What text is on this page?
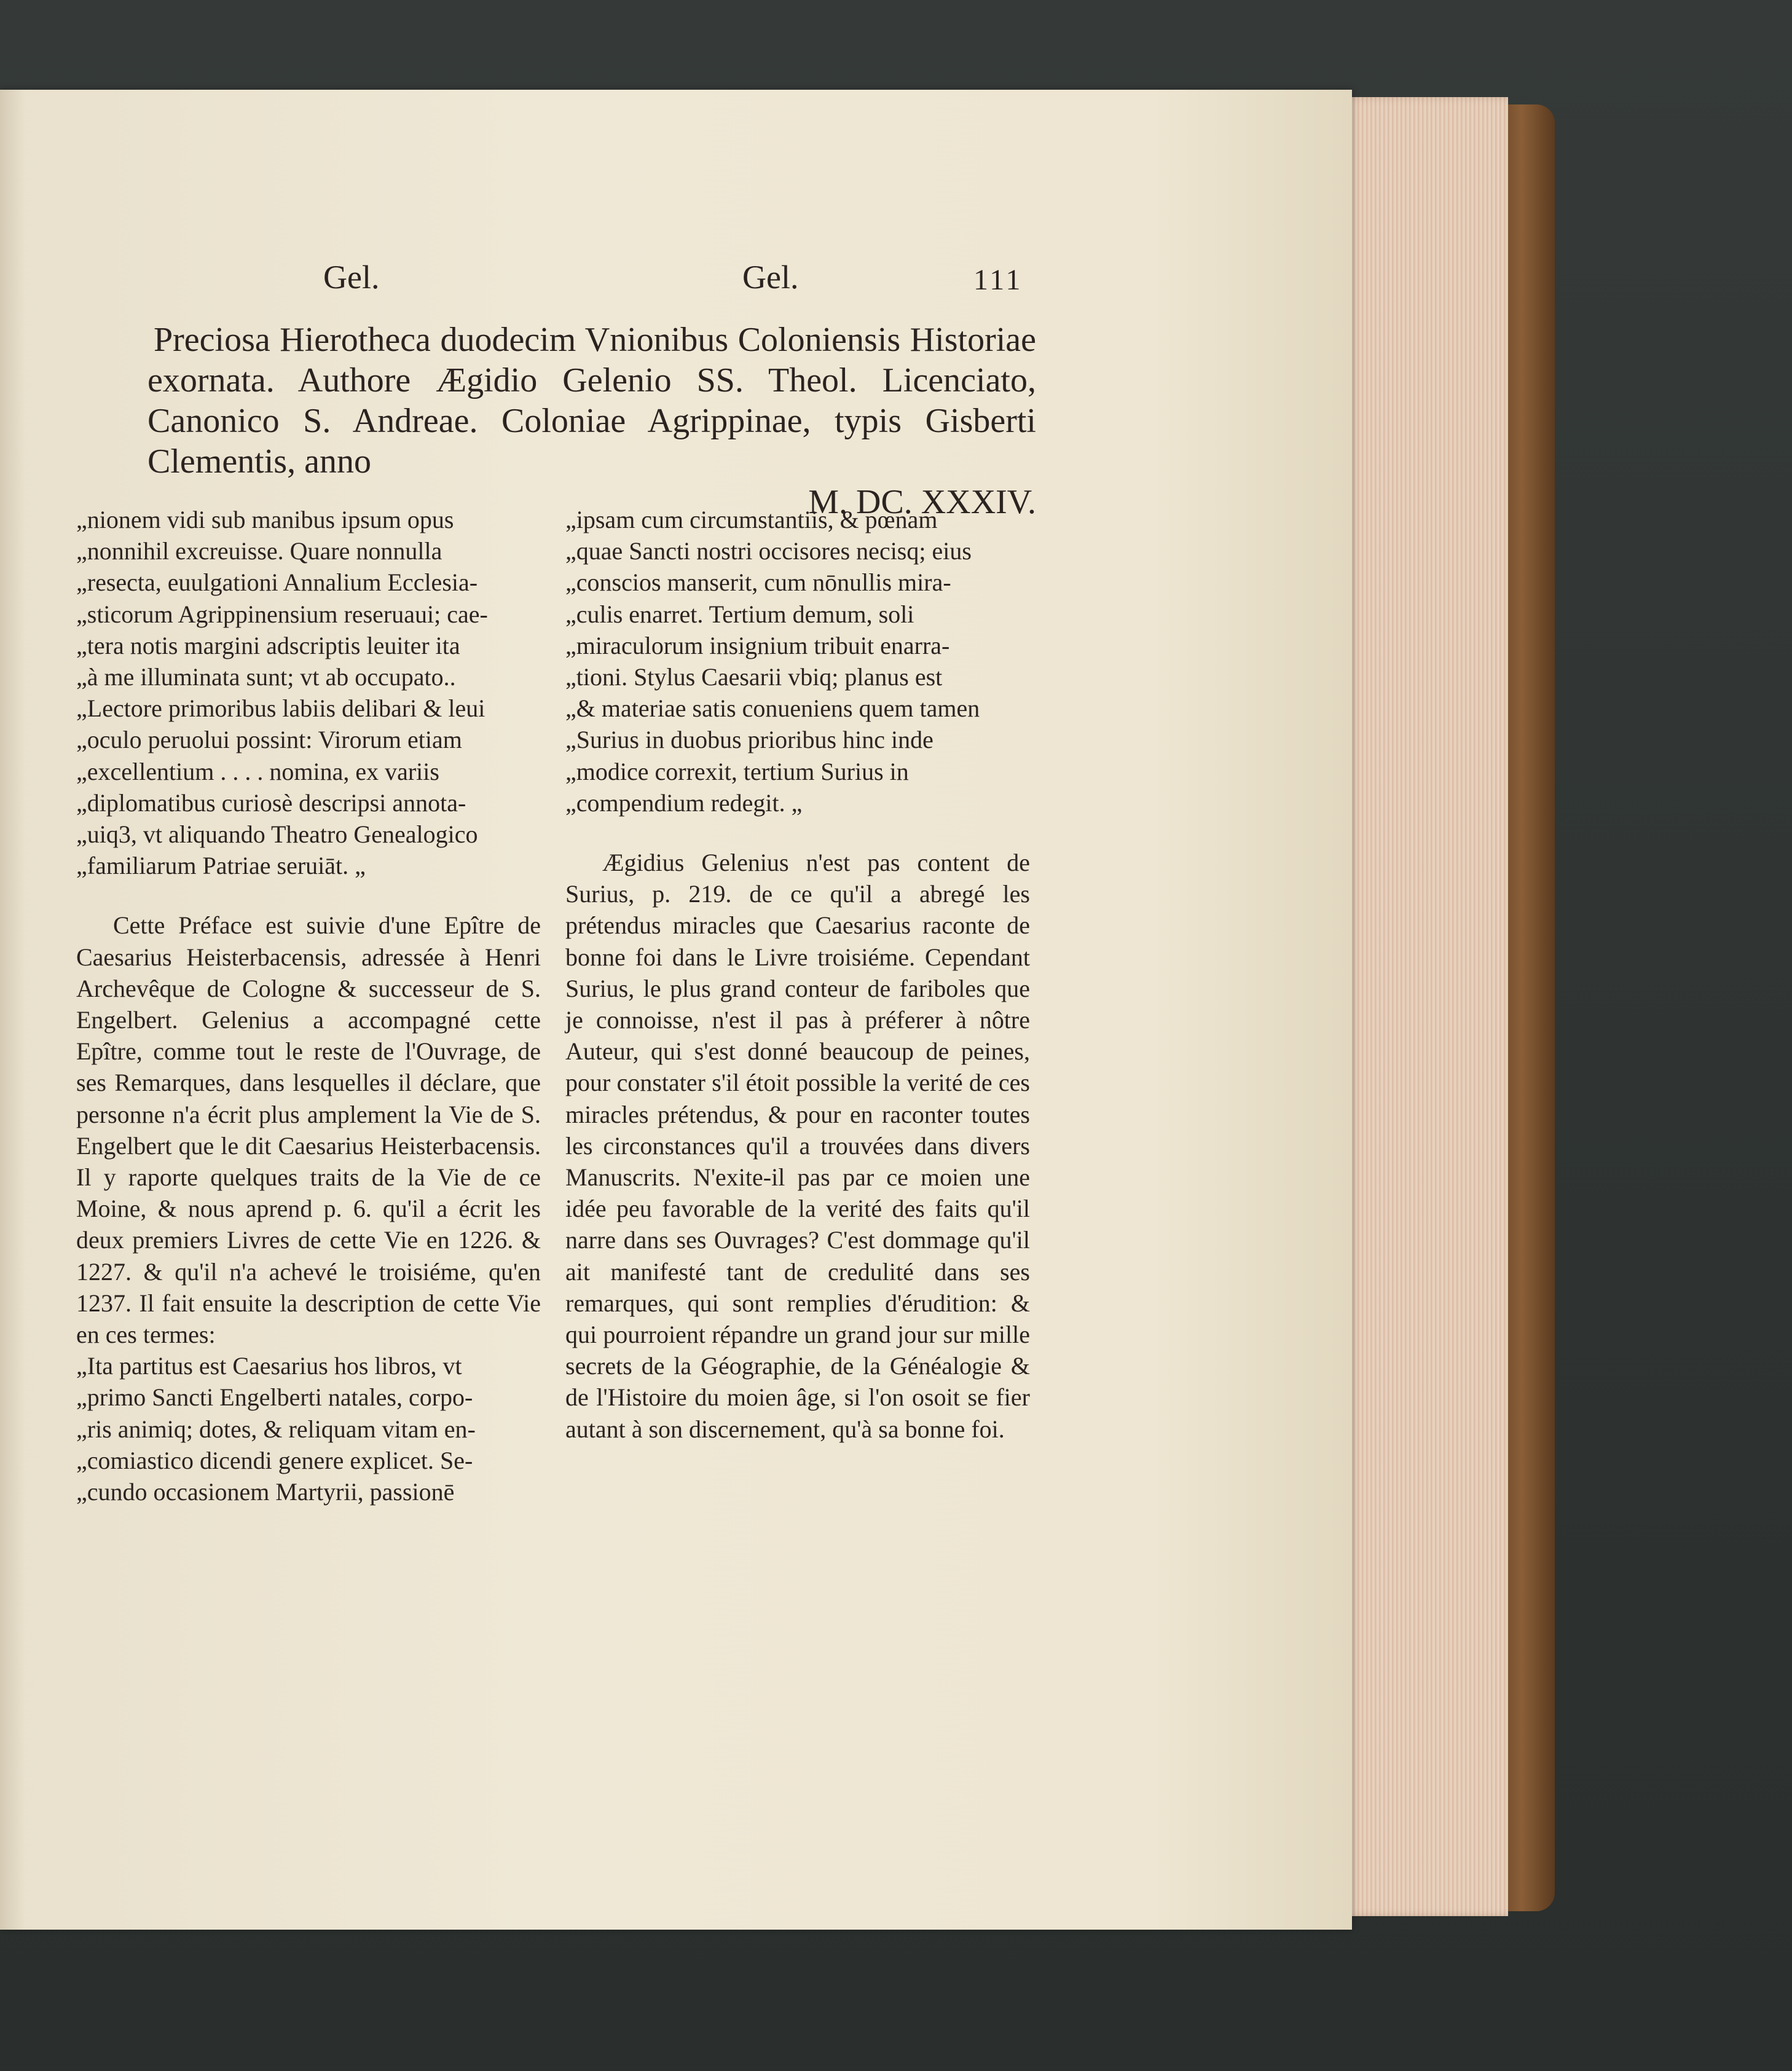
Gel.	Gel.	111
Preciosa Hierotheca duodecim Vnionibus Coloniensis Historiae exornata. Authore Ægidio Gelenio SS. Theol. Licenciato, Canonico S. Andreae. Coloniae Agrippinae, typis Gisberti Clementis, anno
M. DC. XXXIV.

„nionem vidi sub manibus ipsum opus
„nonnihil excreuisse. Quare nonnulla
„resecta, euulgationi Annalium Ecclesia-
„sticorum Agrippinensium reseruaui; cae-
„tera notis margini adscriptis leuiter ita
„à me illuminata sunt; vt ab occupato..
„Lectore primoribus labiis delibari & leui
„oculo peruolui possint: Virorum etiam
„excellentium . . . . nomina, ex variis
„diplomatibus curiosè descripsi annota-
„uiq3, vt aliquando Theatro Genealogico
„familiarum Patriae seruiāt. „

Cette Préface est suivie d'une Epître de Caesarius Heisterbacensis, adressée à Henri Archevêque de Cologne & successeur de S. Engelbert. Gelenius a accompagné cette Epître, comme tout le reste de l'Ouvrage, de ses Remarques, dans lesquelles il déclare, que personne n'a écrit plus amplement la Vie de S. Engelbert que le dit Caesarius Heisterbacensis. Il y raporte quelques traits de la Vie de ce Moine, & nous aprend p. 6. qu'il a écrit les deux premiers Livres de cette Vie en 1226. & 1227. & qu'il n'a achevé le troisiéme, qu'en 1237. Il fait ensuite la description de cette Vie en ces termes:

„Ita partitus est Caesarius hos libros, vt
„primo Sancti Engelberti natales, corpo-
„ris animiq; dotes, & reliquam vitam en-
„comiastico dicendi genere explicet. Se-
„cundo occasionem Martyrii, passionē

„ipsam cum circumstantiis, & pœnam
„quae Sancti nostri occisores necisq; eius
„conscios manserit, cum nōnullis mira-
„culis enarret. Tertium demum, soli
„miraculorum insignium tribuit enarra-
„tioni. Stylus Caesarii vbiq; planus est
„& materiae satis conueniens quem tamen
„Surius in duobus prioribus hinc inde
„modice correxit, tertium Surius in
„compendium redegit. „

Ægidius Gelenius n'est pas content de Surius, p. 219. de ce qu'il a abregé les prétendus miracles que Caesarius raconte de bonne foi dans le Livre troisiéme. Cependant Surius, le plus grand conteur de fariboles que je connoisse, n'est il pas à préferer à nôtre Auteur, qui s'est donné beaucoup de peines, pour constater s'il étoit possible la verité de ces miracles prétendus, & pour en raconter toutes les circonstances qu'il a trouvées dans divers Manuscrits. N'exite-il pas par ce moien une idée peu favorable de la verité des faits qu'il narre dans ses Ouvrages? C'est dommage qu'il ait manifesté tant de credulité dans ses remarques, qui sont remplies d'érudition: & qui pourroient répandre un grand jour sur mille secrets de la Géographie, de la Généalogie & de l'Histoire du moien âge, si l'on osoit se fier autant à son discernement, qu'à sa bonne foi.
